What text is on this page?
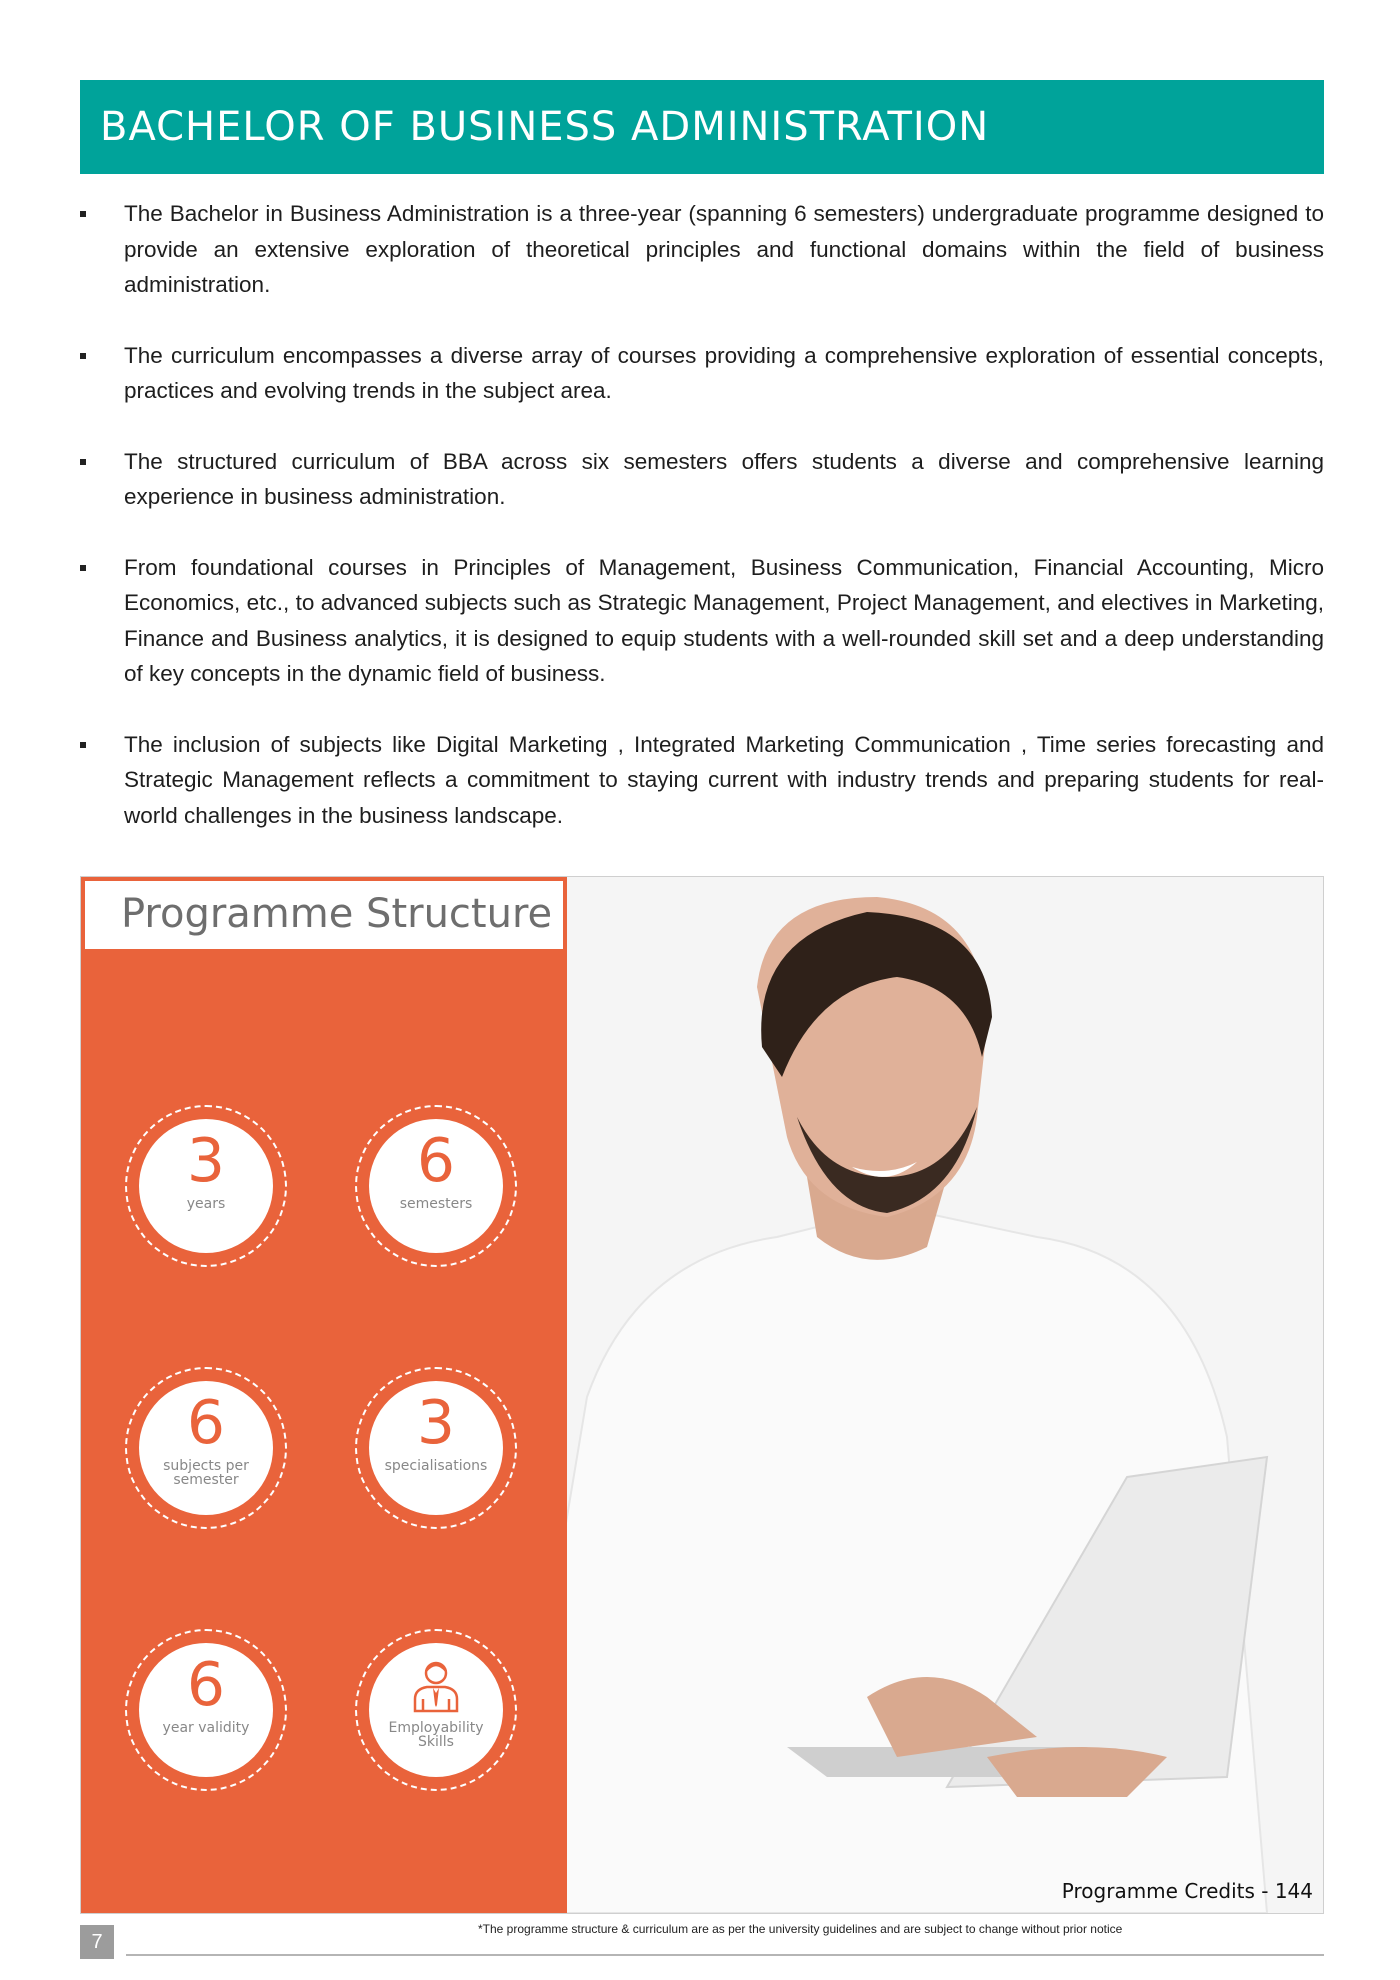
BACHELOR OF BUSINESS ADMINISTRATION
The Bachelor in Business Administration is a three-year (spanning 6 semesters) undergraduate programme designed to provide an extensive exploration of theoretical principles and functional domains within the field of business administration.
The curriculum encompasses a diverse array of courses providing a comprehensive exploration of essential concepts, practices and evolving trends in the subject area.
The structured curriculum of BBA across six semesters offers students a diverse and comprehensive learning experience in business administration.
From foundational courses in Principles of Management, Business Communication, Financial Accounting, Micro Economics, etc., to advanced subjects such as Strategic Management, Project Management, and electives in Marketing, Finance and Business analytics, it is designed to equip students with a well-rounded skill set and a deep understanding of key concepts in the dynamic field of business.
The inclusion of subjects like Digital Marketing , Integrated Marketing Communication , Time series forecasting and Strategic Management reflects a commitment to staying current with industry trends and preparing students for real-world challenges in the business landscape.
Programme Structure
3
years
6
semesters
6
subjects per semester
3
specialisations
6
year validity	Employability Skills
Programme Credits - 144
7
*The programme structure & curriculum are as per the university guidelines and are subject to change without prior notice
